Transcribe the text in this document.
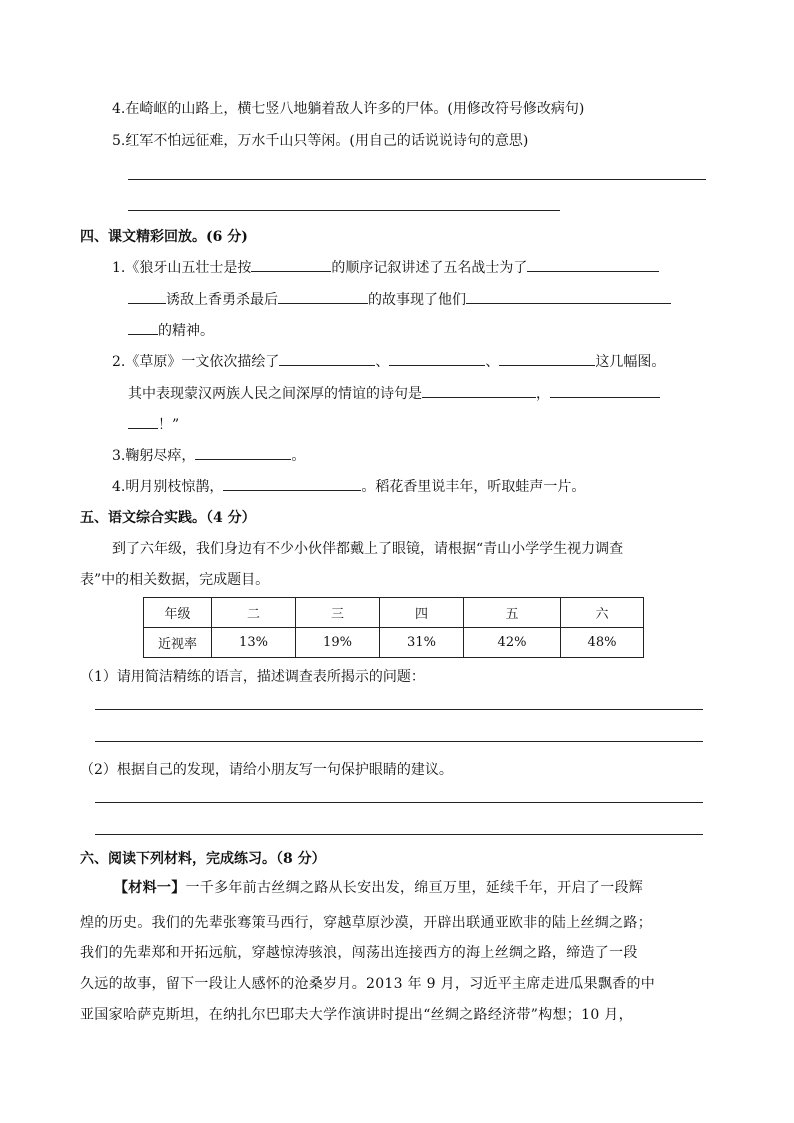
4.在崎岖的山路上，横七竖八地躺着敌人许多的尸体。(用修改符号修改病句)
5.红军不怕远征难，万水千山只等闲。(用自己的话说说诗句的意思)
四、课文精彩回放。(6 分)
1.《狼牙山五壮士是按	的顺序记叙讲述了五名战士为了
诱敌上香勇杀最后	的故事现了他们
的精神。
2.《草原》一文依次描绘了	、	、	这几幅图。
其中表现蒙汉两族人民之间深厚的情谊的诗句是	，
！”
3.鞠躬尽瘁，	。
4.明月别枝惊鹊，	。稻花香里说丰年，听取蛙声一片。
五、语文综合实践。（4 分）
到了六年级，我们身边有不少小伙伴都戴上了眼镜，请根据“青山小学学生视力调查
表”中的相关数据，完成题目。
年级	二	三	四	五	六
近视率	13%	19%	31%	42%	48%
（1）请用简洁精练的语言，描述调查表所揭示的问题：
（2）根据自己的发现，请给小朋友写一句保护眼睛的建议。
六、阅读下列材料，完成练习。（8 分）
【材料一】一千多年前古丝绸之路从长安出发，绵亘万里，延续千年，开启了一段辉
煌的历史。我们的先辈张骞策马西行，穿越草原沙漠，开辟出联通亚欧非的陆上丝绸之路；
我们的先辈郑和开拓远航，穿越惊涛骇浪，闯荡出连接西方的海上丝绸之路，缔造了一段
久远的故事，留下一段让人感怀的沧桑岁月。2013 年 9 月，习近平主席走进瓜果飘香的中
亚国家哈萨克斯坦，在纳扎尔巴耶夫大学作演讲时提出“丝绸之路经济带”构想；10 月，
